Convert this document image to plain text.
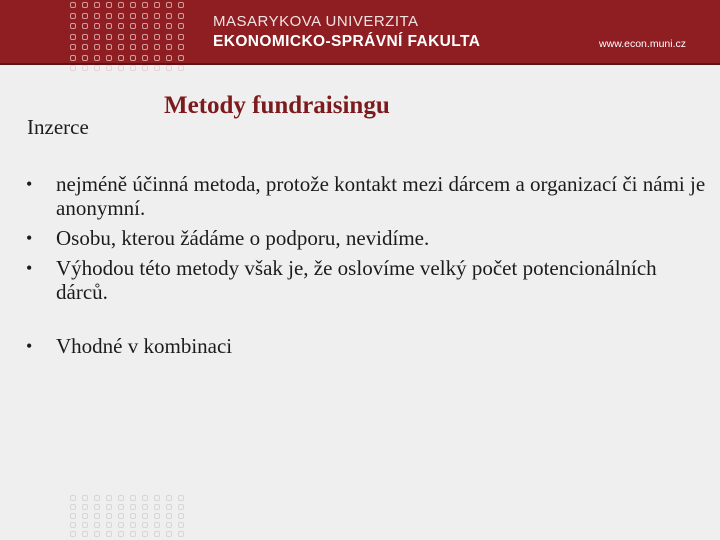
MASARYKOVA UNIVERZITA
EKONOMICKO-SPRÁVNÍ FAKULTA	www.econ.muni.cz
Inzerce
Metody fundraisingu
• nejméně účinná metoda, protože kontakt mezi dárcem a organizací či námi je anonymní.
• Osobu, kterou žádáme o podporu, nevidíme.
• Výhodou této metody však je, že oslovíme velký počet potencionálních dárců.
• Vhodné v kombinaci
